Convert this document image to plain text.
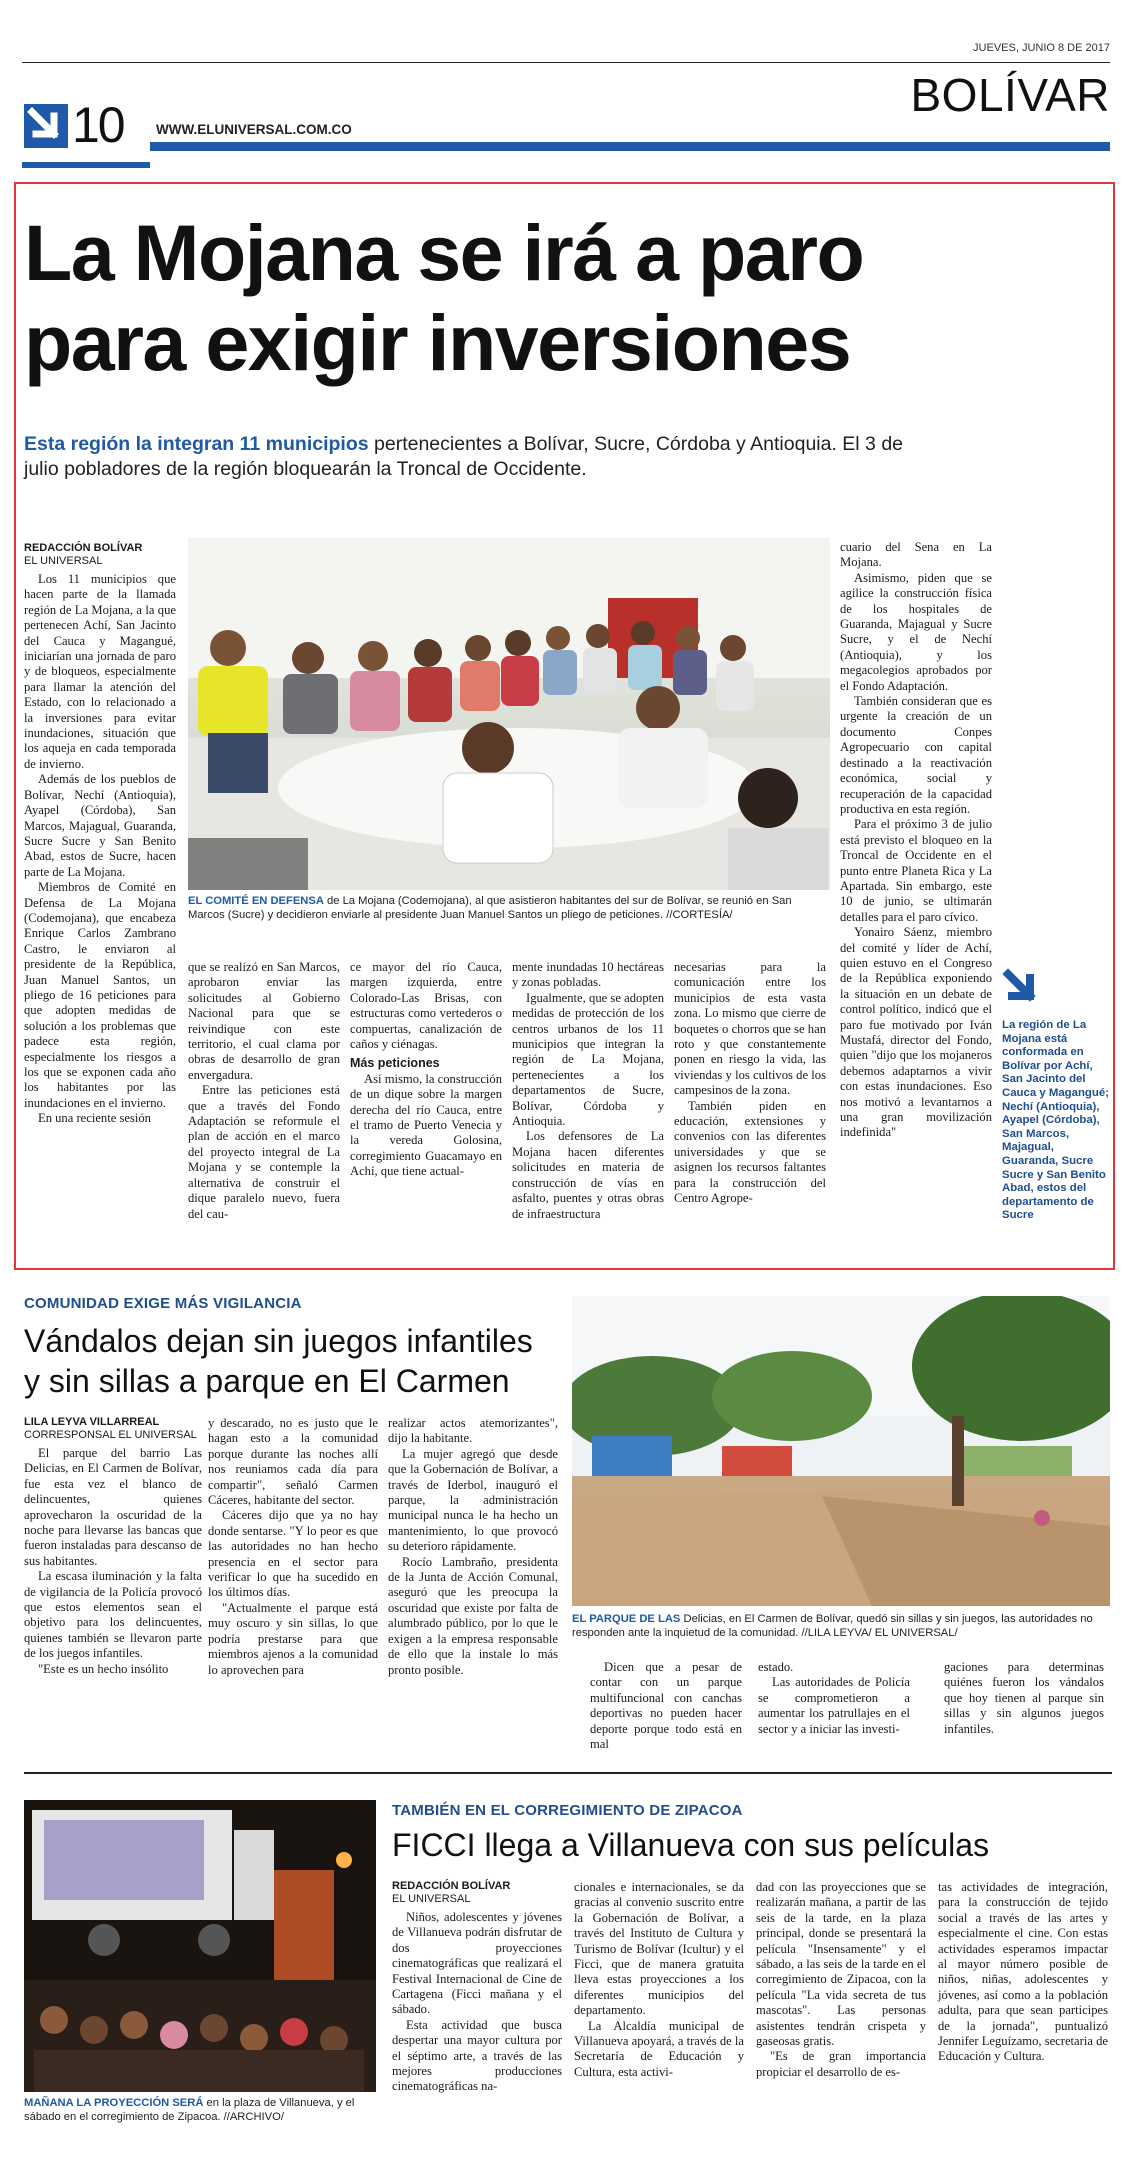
JUEVES, JUNIO 8 DE 2017
10 WWW.ELUNIVERSAL.COM.CO
BOLÍVAR
La Mojana se irá a paro
para exigir inversiones
Esta región la integran 11 municipios pertenecientes a Bolívar, Sucre, Córdoba y Antioquia. El 3 de
julio pobladores de la región bloquearán la Troncal de Occidente.
REDACCIÓN BOLÍVAR
EL UNIVERSAL

Los 11 municipios que hacen parte de la llamada región de La Mojana, a la que pertenecen Achí, San Jacinto del Cauca y Magangué, iniciarían una jornada de paro y de bloqueos, especialmente para llamar la atención del Estado, con lo relacionado a la inversiones para evitar inundaciones, situación que los aqueja en cada temporada de invierno.

Además de los pueblos de Bolívar, Nechí (Antioquia), Ayapel (Córdoba), San Marcos, Majagual, Guaranda, Sucre Sucre y San Benito Abad, estos de Sucre, hacen parte de La Mojana.

Miembros de Comité en Defensa de La Mojana (Codemojana), que encabeza Enrique Carlos Zambrano Castro, le enviaron al presidente de la República, Juan Manuel Santos, un pliego de 16 peticiones para que adopten medidas de solución a los problemas que padece esta región, especialmente los riesgos a los que se exponen cada año los habitantes por las inundaciones en el invierno.

En una reciente sesión

EL COMITÉ EN DEFENSA de La Mojana (Codemojana), al que asistieron habitantes del sur de Bolívar, se reunió en San Marcos (Sucre) y decidieron enviarle al presidente Juan Manuel Santos un pliego de peticiones. //CORTESÍA/

que se realizó en San Marcos, aprobaron enviar las solicitudes al Gobierno Nacional para que se reivindique con este territorio, el cual clama por obras de desarrollo de gran envergadura.

Entre las peticiones está que a través del Fondo Adaptación se reformule el plan de acción en el marco del proyecto integral de La Mojana y se contemple la alternativa de construir el dique paralelo nuevo, fuera del cau-

ce mayor del río Cauca, margen izquierda, entre Colorado-Las Brisas, con estructuras como vertederos o compuertas, canalización de caños y ciénagas.

Más peticiones

Así mismo, la construcción de un dique sobre la margen derecha del río Cauca, entre el tramo de Puerto Venecia y la vereda Golosina, corregimiento Guacamayo en Achí, que tiene actual-

mente inundadas 10 hectáreas y zonas pobladas.

Igualmente, que se adopten medidas de protección de los centros urbanos de los 11 municipios que integran la región de La Mojana, pertenecientes a los departamentos de Sucre, Bolívar, Córdoba y Antioquia.

Los defensores de La Mojana hacen diferentes solicitudes en materia de construcción de vías en asfalto, puentes y otras obras de infraestructura

necesarias para la comunicación entre los municipios de esta vasta zona. Lo mismo que cierre de boquetes o chorros que se han roto y que constantemente ponen en riesgo la vida, las viviendas y los cultivos de los campesinos de la zona.

También piden en educación, extensiones y convenios con las diferentes universidades y que se asignen los recursos faltantes para la construcción del Centro Agrope-

cuario del Sena en La Mojana.

Asimismo, piden que se agilice la construcción física de los hospitales de Guaranda, Majagual y Sucre Sucre, y el de Nechí (Antioquia), y los megacolegios aprobados por el Fondo Adaptación.

También consideran que es urgente la creación de un documento Conpes Agropecuario con capital destinado a la reactivación económica, social y recuperación de la capacidad productiva en esta región.

Para el próximo 3 de julio está previsto el bloqueo en la Troncal de Occidente en el punto entre Planeta Rica y La Apartada. Sin embargo, este 10 de junio, se ultimarán detalles para el paro cívico.

Yonairo Sáenz, miembro del comité y líder de Achí, quien estuvo en el Congreso de la República exponiendo la situación en un debate de control político, indicó que el paro fue motivado por Iván Mustafá, director del Fondo, quien "dijo que los mojaneros debemos adaptarnos a vivir con estas inundaciones. Eso nos motivó a levantarnos a una gran movilización indefinida"

La región de La Mojana está conformada en Bolívar por Achí, San Jacinto del Cauca y Magangué; Nechí (Antioquia), Ayapel (Córdoba), San Marcos, Majagual, Guaranda, Sucre Sucre y San Benito Abad, estos del departamento de Sucre
COMUNIDAD EXIGE MÁS VIGILANCIA
Vándalos dejan sin juegos infantiles
y sin sillas a parque en El Carmen
LILA LEYVA VILLARREAL
CORRESPONSAL EL UNIVERSAL

El parque del barrio Las Delicias, en El Carmen de Bolívar, fue esta vez el blanco de delincuentes, quienes aprovecharon la oscuridad de la noche para llevarse las bancas que fueron instaladas para descanso de sus habitantes.

La escasa iluminación y la falta de vigilancia de la Policía provocó que estos elementos sean el objetivo para los delincuentes, quienes también se llevaron parte de los juegos infantiles.

"Este es un hecho insólito

y descarado, no es justo que le hagan esto a la comunidad porque durante las noches allí nos reuniamos cada día para compartir", señaló Carmen Cáceres, habitante del sector.

Cáceres dijo que ya no hay donde sentarse. "Y lo peor es que las autoridades no han hecho presencia en el sector para verificar lo que ha sucedido en los últimos días.

"Actualmente el parque está muy oscuro y sin sillas, lo que podría prestarse para que miembros ajenos a la comunidad lo aprovechen para

realizar actos atemorizantes", dijo la habitante.

La mujer agregó que desde que la Gobernación de Bolívar, a través de Iderbol, inauguró el parque, la administración municipal nunca le ha hecho un mantenimiento, lo que provocó su deterioro rápidamente.

Rocío Lambraño, presidenta de la Junta de Acción Comunal, aseguró que les preocupa la oscuridad que existe por falta de alumbrado público, por lo que le exigen a la empresa responsable de ello que la instale lo más pronto posible.

EL PARQUE DE LAS Delicias, en El Carmen de Bolívar, quedó sin sillas y sin juegos, las autoridades no responden ante la inquietud de la comunidad. //LILA LEYVA/ EL UNIVERSAL/

Dicen que a pesar de contar con un parque multifuncional con canchas deportivas no pueden hacer deporte porque todo está en mal

estado.

Las autoridades de Policía se comprometieron a aumentar los patrullajes en el sector y a iniciar las investi-

gaciones para determinas quiénes fueron los vándalos que hoy tienen al parque sin sillas y sin algunos juegos infantiles.

MAÑANA LA PROYECCIÓN SERÁ en la plaza de Villanueva, y el sábado en el corregimiento de Zipacoa. //ARCHIVO/
TAMBIÉN EN EL CORREGIMIENTO DE ZIPACOA
FICCI llega a Villanueva con sus películas
REDACCIÓN BOLÍVAR
EL UNIVERSAL

Niños, adolescentes y jóvenes de Villanueva podrán disfrutar de dos proyecciones cinematográficas que realizará el Festival Internacional de Cine de Cartagena (Ficci mañana y el sábado.

Esta actividad que busca despertar una mayor cultura por el séptimo arte, a través de las mejores producciones cinematográficas na-

cionales e internacionales, se da gracias al convenio suscrito entre la Gobernación de Bolívar, a través del Instituto de Cultura y Turismo de Bolívar (Icultur) y el Ficci, que de manera gratuita lleva estas proyecciones a los diferentes municipios del departamento.

La Alcaldía municipal de Villanueva apoyará, a través de la Secretaría de Educación y Cultura, esta activi-

dad con las proyecciones que se realizarán mañana, a partir de las seis de la tarde, en la plaza principal, donde se presentará la película "Insensamente" y el sábado, a las seis de la tarde en el corregimiento de Zipacoa, con la película "La vida secreta de tus mascotas". Las personas asistentes tendrán crispeta y gaseosas gratis.

"Es de gran importancia propiciar el desarrollo de es-

tas actividades de integración, para la construcción de tejido social a través de las artes y especialmente el cine. Con estas actividades esperamos impactar al mayor número posible de niños, niñas, adolescentes y jóvenes, así como a la población adulta, para que sean participes de la jornada", puntualizó Jennifer Leguízamo, secretaria de Educación y Cultura.
